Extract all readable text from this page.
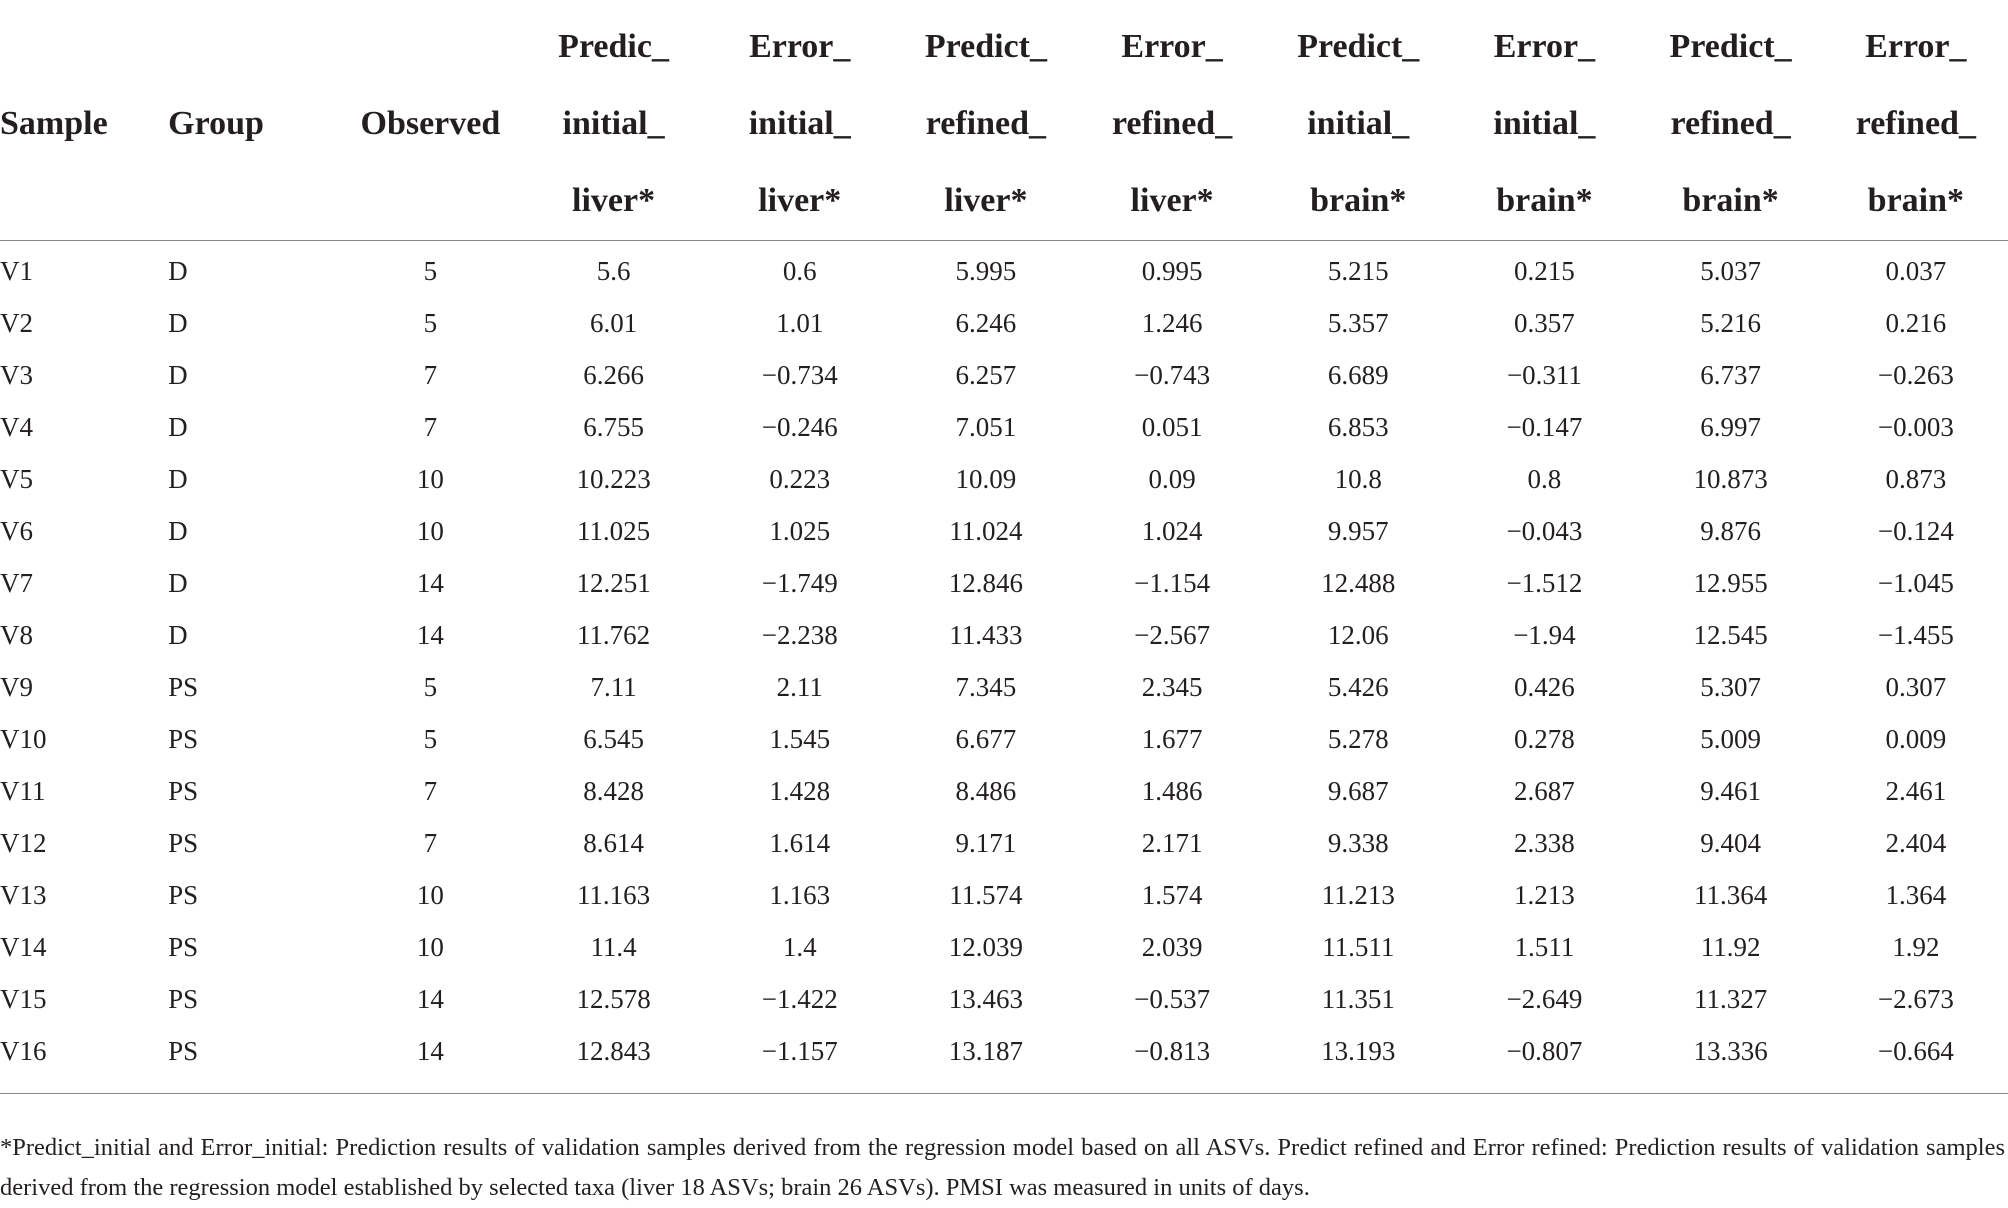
Sample	Group	Observed	Predic_
initial_
liver*	Error_
initial_
liver*	Predict_
refined_
liver*	Error_
refined_
liver*	Predict_
initial_
brain*	Error_
initial_
brain*	Predict_
refined_
brain*	Error_
refined_
brain*

V1	D	5	5.6	0.6	5.995	0.995	5.215	0.215	5.037	0.037
V2	D	5	6.01	1.01	6.246	1.246	5.357	0.357	5.216	0.216
V3	D	7	6.266	−0.734	6.257	−0.743	6.689	−0.311	6.737	−0.263
V4	D	7	6.755	−0.246	7.051	0.051	6.853	−0.147	6.997	−0.003
V5	D	10	10.223	0.223	10.09	0.09	10.8	0.8	10.873	0.873
V6	D	10	11.025	1.025	11.024	1.024	9.957	−0.043	9.876	−0.124
V7	D	14	12.251	−1.749	12.846	−1.154	12.488	−1.512	12.955	−1.045
V8	D	14	11.762	−2.238	11.433	−2.567	12.06	−1.94	12.545	−1.455
V9	PS	5	7.11	2.11	7.345	2.345	5.426	0.426	5.307	0.307
V10	PS	5	6.545	1.545	6.677	1.677	5.278	0.278	5.009	0.009
V11	PS	7	8.428	1.428	8.486	1.486	9.687	2.687	9.461	2.461
V12	PS	7	8.614	1.614	9.171	2.171	9.338	2.338	9.404	2.404
V13	PS	10	11.163	1.163	11.574	1.574	11.213	1.213	11.364	1.364
V14	PS	10	11.4	1.4	12.039	2.039	11.511	1.511	11.92	1.92
V15	PS	14	12.578	−1.422	13.463	−0.537	11.351	−2.649	11.327	−2.673
V16	PS	14	12.843	−1.157	13.187	−0.813	13.193	−0.807	13.336	−0.664

*Predict_initial and Error_initial: Prediction results of validation samples derived from the regression model based on all ASVs. Predict refined and Error refined: Prediction results of validation samples derived from the regression model established by selected taxa (liver 18 ASVs; brain 26 ASVs). PMSI was measured in units of days.
